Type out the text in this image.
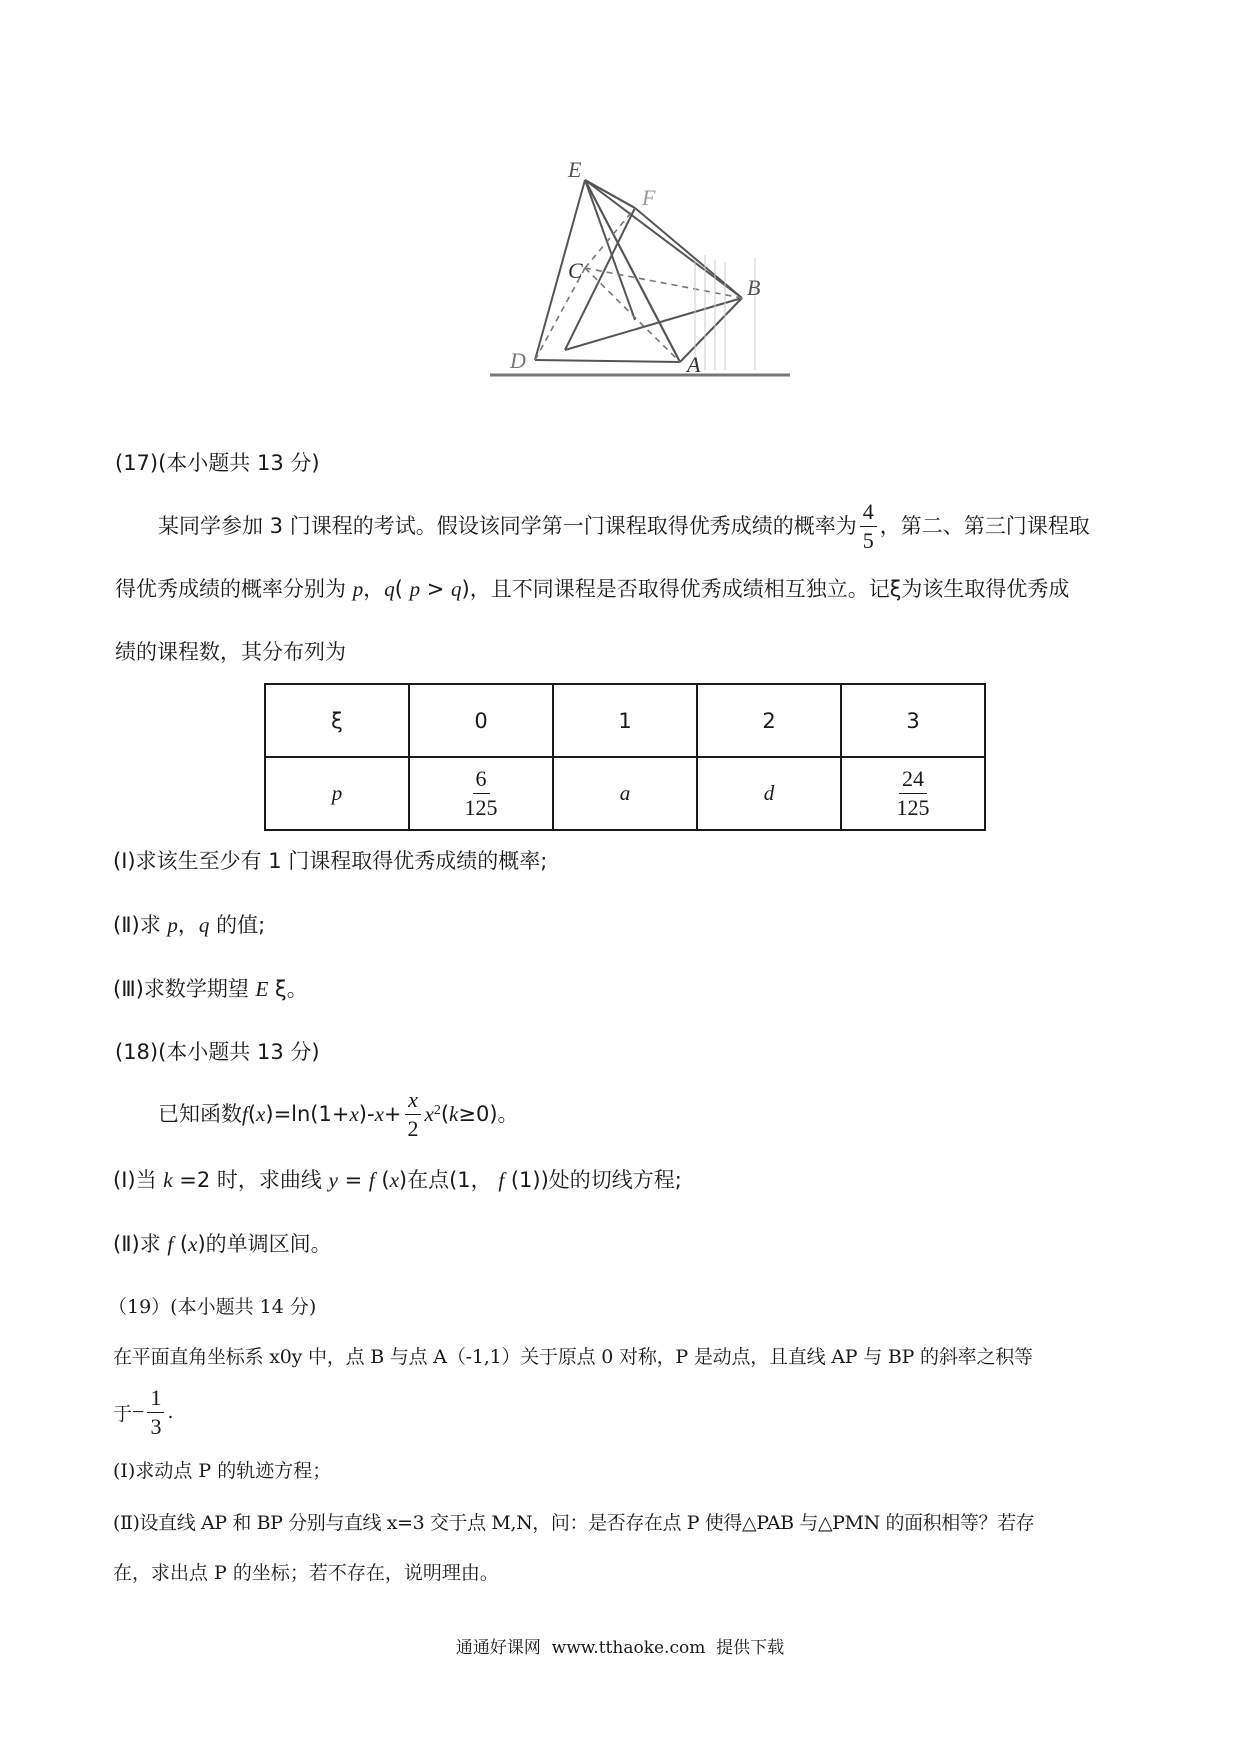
E
F
C
B
D	A
(17)(本小题共 13 分)
某同学参加 3 门课程的考试。假设该同学第一门课程取得优秀成绩的概率为 $\frac{4}{5}$ ，第二、第三门课程取
得优秀成绩的概率分别为 p，q( p > q)，且不同课程是否取得优秀成绩相互独立。记ξ为该生取得优秀成
绩的课程数，其分布列为
ξ	0	1	2	3
p	$\frac{6}{125}$	a	d	$\frac{24}{125}$
(Ⅰ)求该生至少有 1 门课程取得优秀成绩的概率;
(Ⅱ)求 p，q 的值;
(Ⅲ)求数学期望 E ξ。
(18)(本小题共 13 分)
已知函数 f ( x )=ln(1+ x )- $x + \frac{x}{2}$ x 2 ( k ≥0)。
(Ⅰ)当 k =2 时，求曲线 y = f (x)在点(1， f (1))处的切线方程;
(Ⅱ)求 f (x)的单调区间。
（19）(本小题共 14 分)
在平面直角坐标系 x0y 中，点 B 与点 A（-1,1）关于原点 0 对称，P 是动点，且直线 AP 与 BP 的斜率之积等
于 − $\frac{1}{3}$ .
(Ⅰ)求动点 P 的轨迹方程；
(Ⅱ)设直线 AP 和 BP 分别与直线 x=3 交于点 M,N，问：是否存在点 P 使得△PAB 与△PMN 的面积相等？若存
在，求出点 P 的坐标；若不存在，说明理由。
通通好课网  www.tthaoke.com  提供下载
